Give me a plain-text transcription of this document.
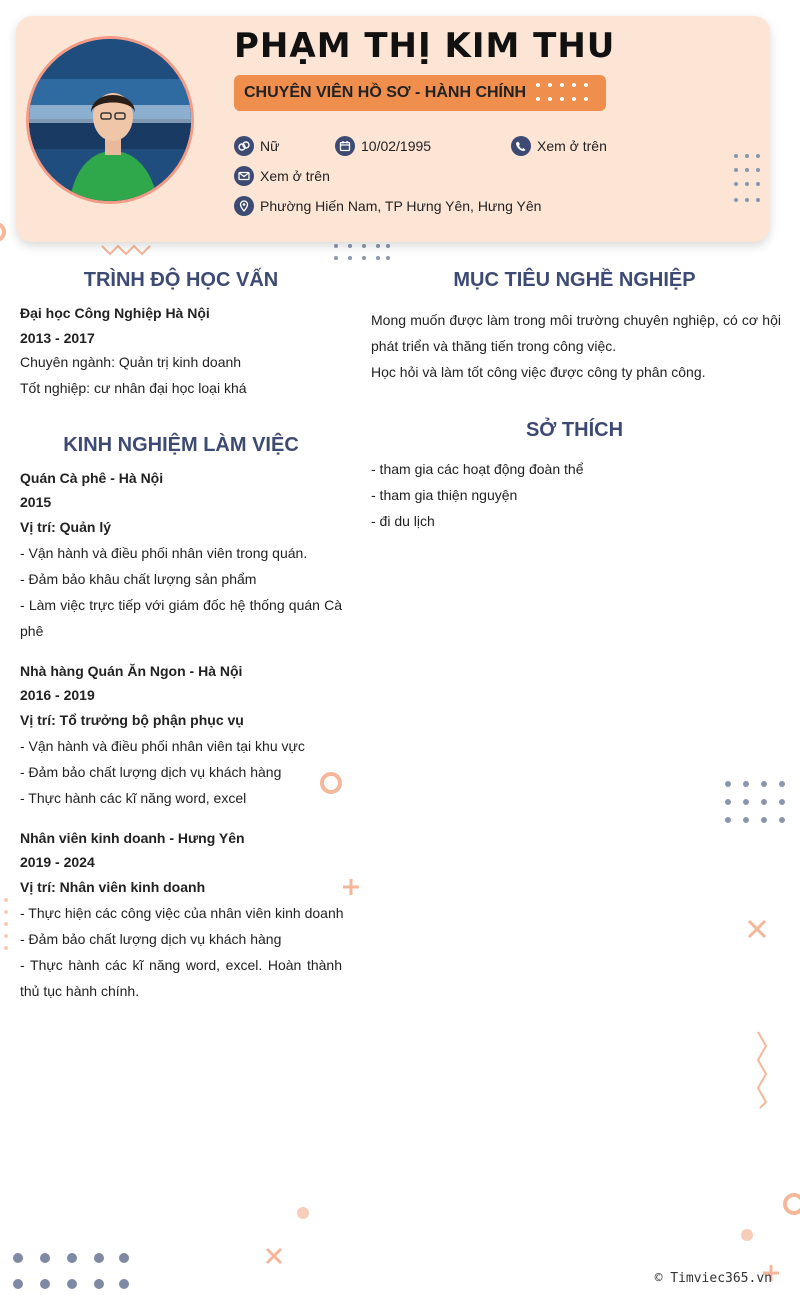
PHẠM THỊ KIM THU
CHUYÊN VIÊN HỒ SƠ - HÀNH CHÍNH
Nữ	10/02/1995	Xem ở trên
Xem ở trên
Phường Hiến Nam, TP Hưng Yên, Hưng Yên
TRÌNH ĐỘ HỌC VẤN
Đại học Công Nghiệp Hà Nội
2013 - 2017
Chuyên ngành: Quản trị kinh doanh
Tốt nghiệp: cư nhân đại học loại khá
KINH NGHIỆM LÀM VIỆC
Quán Cà phê - Hà Nội
2015
Vị trí: Quản lý
- Vận hành và điều phối nhân viên trong quán.
- Đảm bảo khâu chất lượng sản phẩm
- Làm việc trực tiếp với giám đốc hệ thống quán Cà phê
Nhà hàng Quán Ăn Ngon - Hà Nội
2016 - 2019
Vị trí: Tổ trưởng bộ phận phục vụ
- Vận hành và điều phối nhân viên tại khu vực
- Đảm bảo chất lượng dịch vụ khách hàng
- Thực hành các kĩ năng word, excel
Nhân viên kinh doanh - Hưng Yên
2019 - 2024
Vị trí: Nhân viên kinh doanh
- Thực hiện các công việc của nhân viên kinh doanh
- Đảm bảo chất lượng dịch vụ khách hàng
- Thực hành các kĩ năng word, excel. Hoàn thành thủ tục hành chính.
MỤC TIÊU NGHỀ NGHIỆP
Mong muốn được làm trong môi trường chuyên nghiệp, có cơ hội phát triển và thăng tiến trong công việc.
Học hỏi và làm tốt công việc được công ty phân công.
SỞ THÍCH
- tham gia các hoạt động đoàn thể
- tham gia thiện nguyện
- đi du lịch
© Timviec365.vn
